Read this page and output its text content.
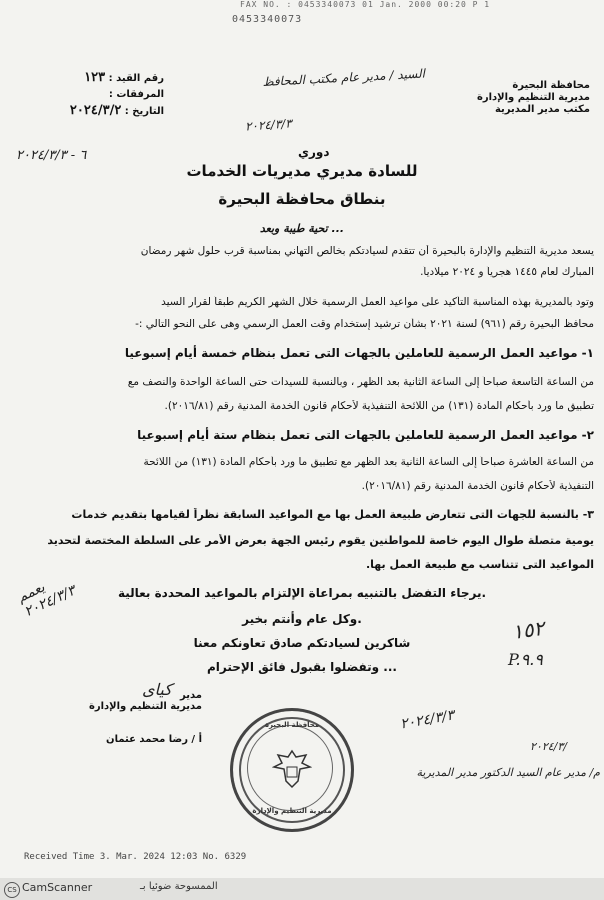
FAX NO. : 0453340073 01 Jan. 2000 00:20 P 1
0453340073
محافظة البحيرة
مديرية التنظيم والإدارة
مكتب مدير المديرية
رقم القيد : ١٢٣
المرفقات :
التاريخ : ٢٠٢٤/٣/٢
السيد / مدير عام مكتب المحافظ
٢٠٢٤/٣/٣
٦ - ٢٠٢٤/٣/٣	دوري
للسادة مديري مديريات الخدمات
بنطاق محافظة البحيرة
تحية طيبة وبعد ...
يسعد مديرية التنظيم والإدارة بالبحيرة أن تتقدم لسيادتكم بخالص التهاني بمناسبة قرب حلول شهر رمضان
المبارك لعام ١٤٤٥ هجرياً و ٢٠٢٤ ميلادياً.
وتود بالمديرية بهذه المناسبة التأكيد على مواعيد العمل الرسمية خلال الشهر الكريم طبقاً لقرار السيد
محافظ البحيرة رقم (٩٦١) لسنة ٢٠٢١ بشأن ترشيد إستخدام وقت العمل الرسمي وهى على النحو التالي :-
١- مواعيد العمل الرسمية للعاملين بالجهات التى تعمل بنظام خمسة أيام إسبوعيا
من الساعة التاسعة صباحاً إلى الساعة الثانية بعد الظهر ، وبالنسبة للسيدات حتى الساعة الواحدة والنصف مع
تطبيق ما ورد بأحكام المادة (١٣١) من اللائحة التنفيذية لأحكام قانون الخدمة المدنية رقم (٢٠١٦/٨١).
٢- مواعيد العمل الرسمية للعاملين بالجهات التى تعمل بنظام ستة أيام إسبوعيا
من الساعة العاشرة صباحاً إلى الساعة الثانية بعد الظهر مع تطبيق ما ورد بأحكام المادة (١٣١) من اللائحة
التنفيذية لأحكام قانون الخدمة المدنية رقم (٢٠١٦/٨١).
٣- بالنسبة للجهات التى تتعارض طبيعة العمل بها مع المواعيد السابقة نظراً لقيامها بتقديم خدمات
يومية متصلة طوال اليوم خاصة للمواطنين يقوم رئيس الجهة بعرض الأمر على السلطة المختصة لتحديد
المواعيد التى تتناسب مع طبيعة العمل بها.
يرجاء التفضل بالتنبيه بمراعاة الإلتزام بالمواعيد المحددة بعالية.
وكل عام وأنتم بخير.
شاكرين لسيادتكم صادق تعاونكم معنا
وتفضلوا بقبول فائق الإحترام ...
يعمم ٢٠٢٤/٣/٣
١٥٢
P.٩.٩
مدير
مديرية التنظيم والإدارة
أ / رضا محمد عثمان
كياى
محافظة البحيرة
مديرية التنظيم والإدارة
٢٠٢٤/٣/٣
٢٠٢٤/٣/
م/ مدير عام السيد الدكتور مدير المديرية
Received Time 3. Mar. 2024 12:03 No. 6329
CS CamScanner	الممسوحة ضوئيا بـ
